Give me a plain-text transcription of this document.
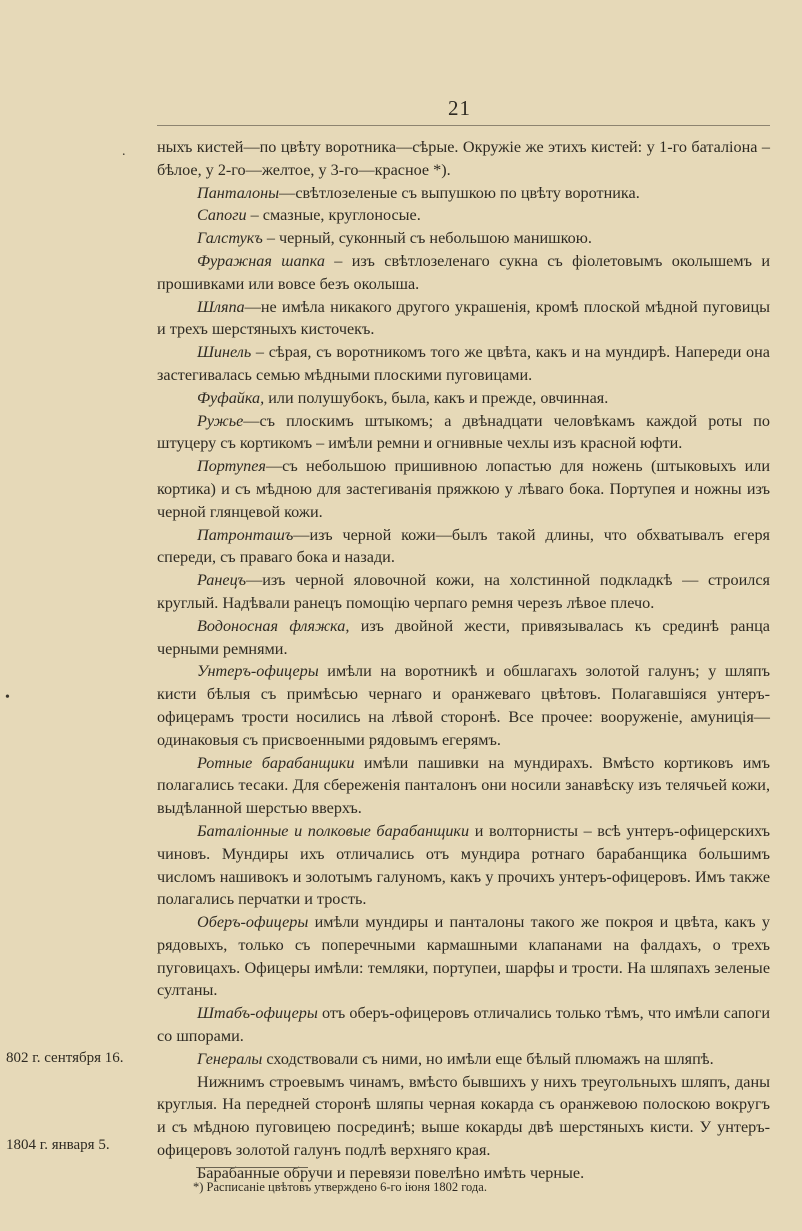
21

ныхъ кистей—по цвѣту воротника—сѣрые. Окружіе же этихъ кистей: у 1-го баталіона – бѣлое, у 2-го—желтое, у 3-го—красное *).

Панталоны—свѣтлозеленые съ выпушкою по цвѣту воротника.

Сапоги – смазные, круглоносые.

Галстукъ – черный, суконный съ небольшою манишкою.

Фуражная шапка – изъ свѣтлозеленаго сукна съ фіолетовымъ околышемъ и прошивками или вовсе безъ околыша.

Шляпа—не имѣла никакого другого украшенія, кромѣ плоской мѣдной пуговицы и трехъ шерстяныхъ кисточекъ.

Шинель – сѣрая, съ воротникомъ того же цвѣта, какъ и на мундирѣ. Напереди она застегивалась семью мѣдными плоскими пуговицами.

Фуфайка, или полушубокъ, была, какъ и прежде, овчинная.

Ружье—съ плоскимъ штыкомъ; а двѣнадцати человѣкамъ каждой роты по штуцеру съ кортикомъ – имѣли ремни и огнивные чехлы изъ красной юфти.

Портупея—съ небольшою пришивною лопастью для ножень (штыковыхъ или кортика) и съ мѣдною для застегиванія пряжкою у лѣваго бока. Портупея и ножны изъ черной глянцевой кожи.

Патронташъ—изъ черной кожи—былъ такой длины, что обхватывалъ егеря спереди, съ праваго бока и назади.

Ранецъ—изъ черной яловочной кожи, на холстинной подкладкѣ — строился круглый. Надѣвали ранецъ помощію черпаго ремня черезъ лѣвое плечо.

Водоносная фляжка, изъ двойной жести, привязывалась къ срединѣ ранца черными ремнями.

Унтеръ-офицеры имѣли на воротникѣ и обшлагахъ золотой галунъ; у шляпъ кисти бѣлыя съ примѣсью чернаго и оранжеваго цвѣтовъ. Полагавшіяся унтеръ-офицерамъ трости носились на лѣвой сторонѣ. Все прочее: вооруженіе, амуниція— одинаковыя съ присвоенными рядовымъ егерямъ.

Ротные барабанщики имѣли пашивки на мундирахъ. Вмѣсто кортиковъ имъ полагались тесаки. Для сбереженія панталонъ они носили занавѣску изъ телячьей кожи, выдѣланной шерстью вверхъ.

Баталіонные и полковые барабанщики и волторнисты – всѣ унтеръ-офицерскихъ чиновъ. Мундиры ихъ отличались отъ мундира ротнаго барабанщика большимъ числомъ нашивокъ и золотымъ галуномъ, какъ у прочихъ унтеръ-офицеровъ. Имъ также полагались перчатки и трость.

Оберъ-офицеры имѣли мундиры и панталоны такого же покроя и цвѣта, какъ у рядовыхъ, только съ поперечными кармашными клапанами на фалдахъ, о трехъ пуговицахъ. Офицеры имѣли: темляки, портупеи, шарфы и трости. На шляпахъ зеленые султаны.

Штабъ-офицеры отъ оберъ-офицеровъ отличались только тѣмъ, что имѣли сапоги со шпорами.

Генералы сходствовали съ ними, но имѣли еще бѣлый плюмажъ на шляпѣ.

Нижнимъ строевымъ чинамъ, вмѣсто бывшихъ у нихъ треугольныхъ шляпъ, даны круглыя. На передней сторонѣ шляпы черная кокарда съ оранжевою полоскою вокругъ и съ мѣдною пуговицею посрединѣ; выше кокарды двѣ шерстяныхъ кисти. У унтеръ-офицеровъ золотой галунъ подлѣ верхняго края.

Барабанные обручи и перевязи повелѣно имѣть черные.

802 г. сентября 16.
1804 г. января 5.
*) Расписаніе цвѣтовъ утверждено 6-го іюня 1802 года.
.
•
